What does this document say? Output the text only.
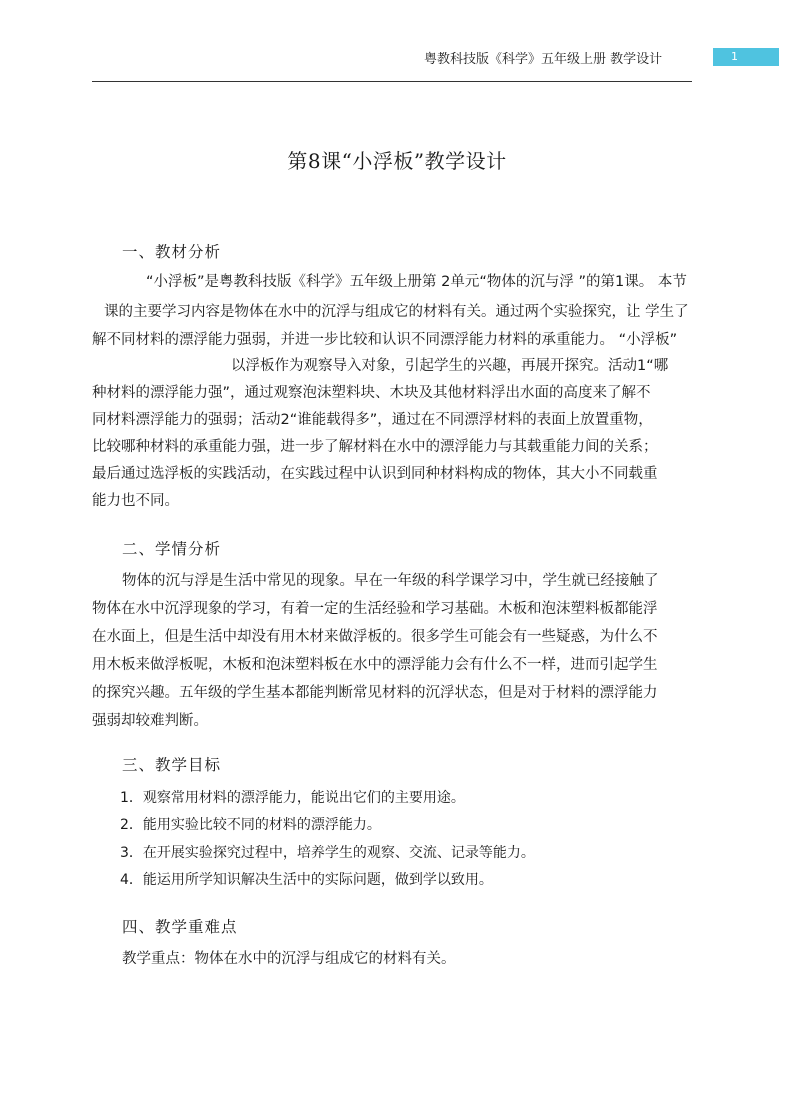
粤教科技版《科学》五年级上册 教学设计	1
第8课“小浮板”教学设计
一、教材分析
“小浮板”是粤教科技版《科学》五年级上册第 2单元“物体的沉与浮 ”的第1课。 本节
课的主要学习内容是物体在水中的沉浮与组成它的材料有关。通过两个实验探究，让 学生了
解不同材料的漂浮能力强弱，并进一步比较和认识不同漂浮能力材料的承重能力。 “小浮板”
以浮板作为观察导入对象，引起学生的兴趣，再展开探究。活动1“哪
种材料的漂浮能力强”，通过观察泡沫塑料块、木块及其他材料浮出水面的高度来了解不
同材料漂浮能力的强弱；活动2“谁能载得多”，通过在不同漂浮材料的表面上放置重物，
比较哪种材料的承重能力强，进一步了解材料在水中的漂浮能力与其载重能力间的关系；
最后通过选浮板的实践活动，在实践过程中认识到同种材料构成的物体，其大小不同载重
能力也不同。
二、学情分析
物体的沉与浮是生活中常见的现象。早在一年级的科学课学习中，学生就已经接触了
物体在水中沉浮现象的学习，有着一定的生活经验和学习基础。木板和泡沫塑料板都能浮
在水面上，但是生活中却没有用木材来做浮板的。很多学生可能会有一些疑惑，为什么不
用木板来做浮板呢，木板和泡沫塑料板在水中的漂浮能力会有什么不一样，进而引起学生
的探究兴趣。五年级的学生基本都能判断常见材料的沉浮状态，但是对于材料的漂浮能力
强弱却较难判断。
三、教学目标
1．观察常用材料的漂浮能力，能说出它们的主要用途。
2．能用实验比较不同的材料的漂浮能力。
3．在开展实验探究过程中，培养学生的观察、交流、记录等能力。
4．能运用所学知识解决生活中的实际问题，做到学以致用。
四、教学重难点
教学重点：物体在水中的沉浮与组成它的材料有关。
